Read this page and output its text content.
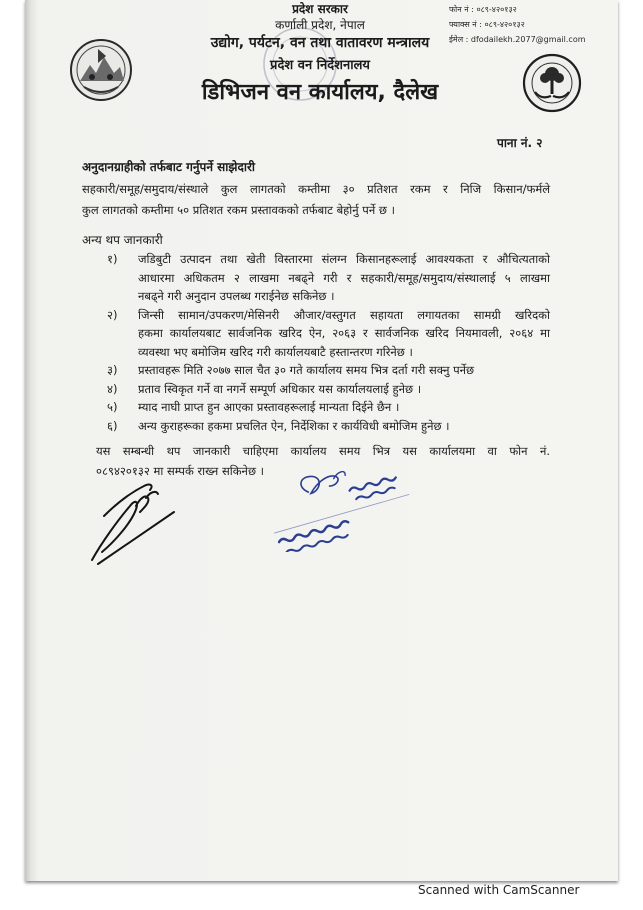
प्रदेश सरकार
कर्णाली प्रदेश, नेपाल
उद्योग, पर्यटन, वन तथा वातावरण मन्त्रालय
प्रदेश वन निर्देशनालय
डिभिजन वन कार्यालय, दैलेख
फोन नं : ०८९-४२०१३२
फ्याक्स नं : ०८९-४२०१३२
ईमेल : dfodailekh.2077@gmail.com
पाना नं. २
अनुदानग्राहीको तर्फबाट गर्नुपर्ने साझेदारी
सहकारी/समूह/समुदाय/संस्थाले कुल लागतको कम्तीमा ३० प्रतिशत रकम र निजि किसान/फर्मले
कुल लागतको कम्तीमा ५० प्रतिशत रकम प्रस्तावकको तर्फबाट बेहोर्नु पर्ने छ ।
अन्य थप जानकारी
१)	जडिबुटी उत्पादन तथा खेती विस्तारमा संलग्न किसानहरूलाई आवश्यकता र औचित्यताको
आधारमा अधिकतम २ लाखमा नबढ्ने गरी र सहकारी/समूह/समुदाय/संस्थालाई ५ लाखमा
नबढ्ने गरी अनुदान उपलब्ध गराईनेछ सकिनेछ ।
२)	जिन्सी सामान/उपकरण/मेसिनरी औजार/वस्तुगत सहायता लगायतका सामग्री खरिदको
हकमा कार्यालयबाट सार्वजनिक खरिद ऐन, २०६३ र सार्वजनिक खरिद नियमावली, २०६४ मा
व्यवस्था भए बमोजिम खरिद गरी कार्यालयबाटै हस्तान्तरण गरिनेछ ।
३)	प्रस्तावहरू मिति २०७७ साल चैत ३० गते कार्यालय समय भित्र दर्ता गरी सक्नु पर्नेछ
४)	प्रताव स्विकृत गर्ने वा नगर्ने सम्पूर्ण अधिकार यस कार्यालयलाई हुनेछ ।
५)	म्याद नाघी प्राप्त हुन आएका प्रस्तावहरूलाई मान्यता दिईने छैन ।
६)	अन्य कुराहरूका हकमा प्रचलित ऐन, निर्देशिका र कार्यविधी बमोजिम हुनेछ ।
यस सम्बन्धी थप जानकारी चाहिएमा कार्यालय समय भित्र यस कार्यालयमा वा फोन नं.
०८९४२०१३२ मा सम्पर्क राख्न सकिनेछ ।
Scanned with CamScanner
